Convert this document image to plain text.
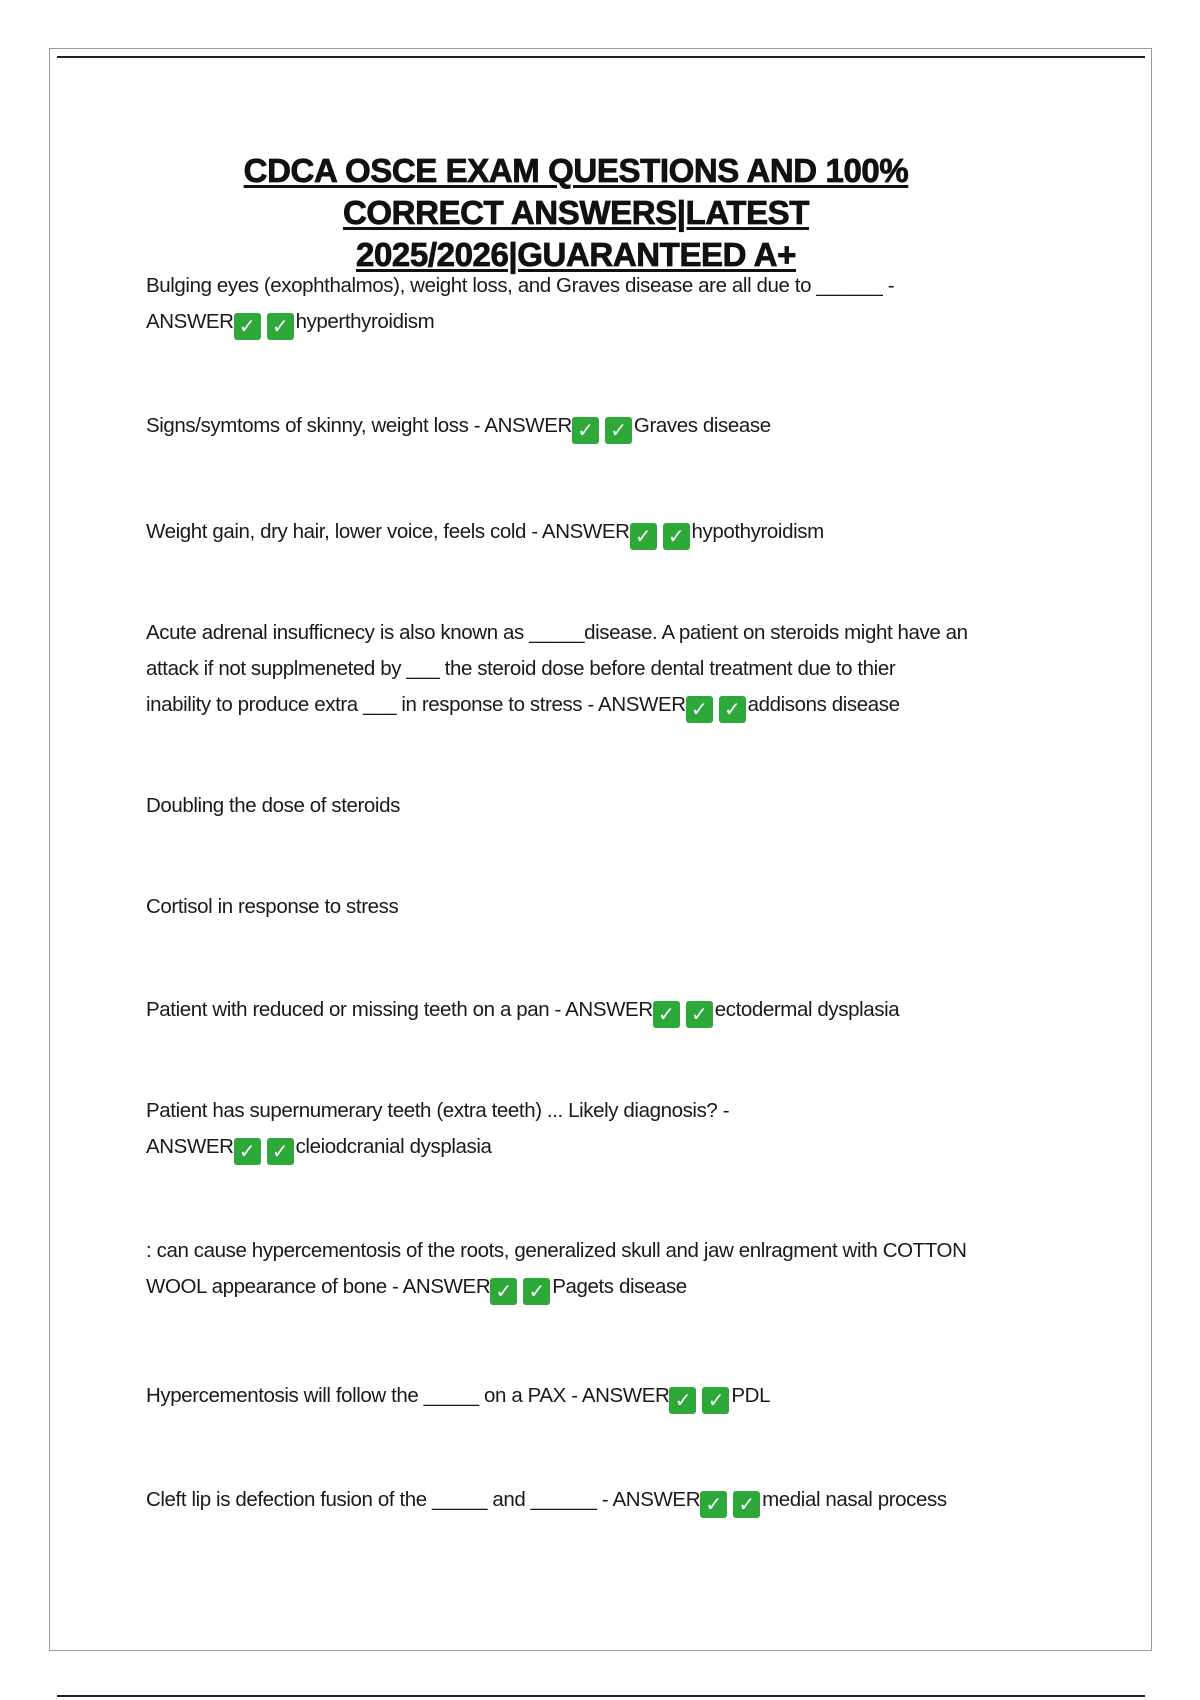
CDCA OSCE EXAM QUESTIONS AND 100%
CORRECT ANSWERS|LATEST
2025/2026|GUARANTEED A+
Bulging eyes (exophthalmos), weight loss, and Graves disease are all due to ______ -
ANSWER ✓ ✓ hyperthyroidism
Signs/symtoms of skinny, weight loss - ANSWER ✓ ✓ Graves disease
Weight gain, dry hair, lower voice, feels cold - ANSWER ✓ ✓ hypothyroidism
Acute adrenal insufficnecy is also known as _____disease. A patient on steroids might have an
attack if not supplmeneted by ___ the steroid dose before dental treatment due to thier
inability to produce extra ___ in response to stress - ANSWER ✓ ✓ addisons disease
Doubling the dose of steroids
Cortisol in response to stress
Patient with reduced or missing teeth on a pan - ANSWER ✓ ✓ ectodermal dysplasia
Patient has supernumerary teeth (extra teeth) ... Likely diagnosis? -
ANSWER ✓ ✓ cleiodcranial dysplasia
: can cause hypercementosis of the roots, generalized skull and jaw enlragment with COTTON
WOOL appearance of bone - ANSWER ✓ ✓ Pagets disease
Hypercementosis will follow the _____ on a PAX - ANSWER ✓ ✓ PDL
Cleft lip is defection fusion of the _____ and ______ - ANSWER ✓ ✓ medial nasal process
